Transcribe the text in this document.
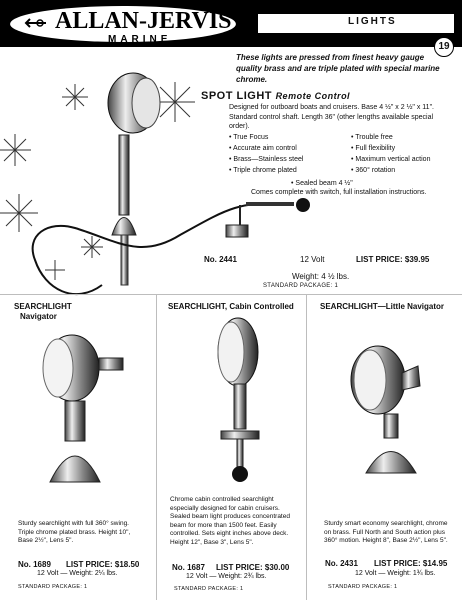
ALLAN-JERVIS
MARINE
LIGHTS
19
These lights are pressed from finest heavy gauge quality brass and are triple plated with special marine chrome.
SPOT LIGHT Remote Control
Designed for outboard boats and cruisers. Base 4 ½" x 2 ½" x 11". Standard control shaft. Length 36" (other lengths available special order).
• True Focus
• Accurate aim control
• Brass—Stainless steel
• Triple chrome plated
• Trouble free
• Full flexibility
• Maximum vertical action
• 360° rotation
• Sealed beam 4 ½"
Comes complete with switch, full installation instructions.
No. 2441	12 Volt	LIST PRICE: $39.95
Weight: 4 ½ lbs.
STANDARD PACKAGE: 1
SEARCHLIGHT
Navigator
Sturdy searchlight with full 360° swing. Triple chrome plated brass. Height 10", Base 2½", Lens 5".
No. 1689 LIST PRICE: $18.50
12 Volt — Weight: 2¼ lbs.
STANDARD PACKAGE: 1
SEARCHLIGHT, Cabin Controlled
Chrome cabin controlled searchlight especially designed for cabin cruisers. Sealed beam light produces concentrated beam for more than 1500 feet. Easily controlled. Sets eight inches above deck. Height 12", Base 3", Lens 5".
No. 1687 LIST PRICE: $30.00
12 Volt — Weight: 2¾ lbs.
STANDARD PACKAGE: 1
SEARCHLIGHT—Little Navigator
Sturdy smart economy searchlight, chrome on brass. Full North and South action plus 360° motion. Height 8", Base 2½", Lens 5".
No. 2431 LIST PRICE: $14.95
12 Volt — Weight: 1¾ lbs.
STANDARD PACKAGE: 1
